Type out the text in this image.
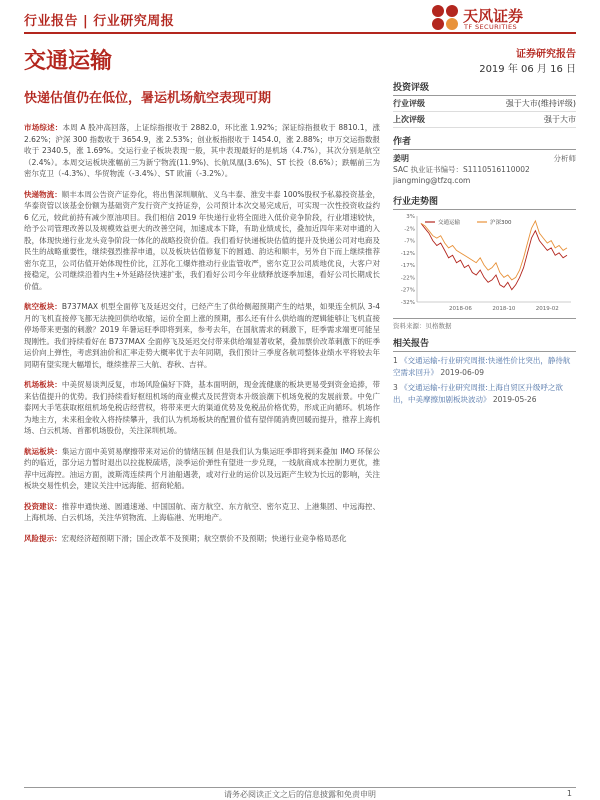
行业报告 | 行业研究周报	天风证券
TF SECURITIES
交通运输	证券研究报告
2019 年 06 月 16 日
快递估值仍在低位，暑运机场航空表现可期

市场综述：本周 A 股冲高回落，上证综指报收于 2882.0，环比涨 1.92%；深证综指报收于 8810.1，涨 2.62%；沪深 300 指数收于 3654.9，涨 2.53%；创业板指报收于 1454.0，涨 2.88%；申万交运指数报收于 2340.5，涨 1.69%。交运行业子板块表现一般，其中表现最好的是机场（4.7%），其次分别是航空（2.4%）。本周交运板块涨幅前三为新宁物流(11.9%)、长航凤凰(3.6%)、ST 长投（8.6%）；跌幅前三为密尔克卫（-4.3%）、华贸物流（-3.4%）、ST 欧浦（-3.2%）。

快递物流：顺丰本周公告资产证券化，将出售深圳顺航、义乌丰泰、淮安丰泰 100%股权予私募投资基金，华泰资管以该基金份额为基础资产发行资产支持证券，公司预计本次交易完成后，可实现一次性投资收益约 6 亿元，较此前持有减少原油项目。我们相信 2019 年快递行业将全面进入低价竞争阶段，行业增速较快，给予公司管理改善以及规模效益更大的改善空间，加速成本下降，有助业绩成长，叠加近四年来对申通的入股，体现快递行业龙头竞争阶段一体化的战略投资价值。我们看好快递板块估值的提升及快递公司对电商及民生的战略重要性，继续强烈推荐申通，以及板块估值修复下的圆通、韵达和顺丰，另外自下而上继续推荐密尔克卫，公司估值开始体现性价比，江苏化工爆炸推动行业监管收严，密尔克卫公司质地优良，大客户对接稳定，公司继续沿着内生+外延路径快速扩张，我们看好公司今年业绩释放逐季加速，看好公司长期成长价值。

航空板块：B737MAX 机型全面停飞及延迟交付，已经产生了供给侧超预期产生的结果，如果连全机队 3-4 月的飞机直接停飞都无法挽回供给收缩，运价全面上涨的预期，那么还有什么供给端的逻辑能够让飞机直接停场带来更强的刺激？2019 年暑运旺季即将到来，参考去年，在国航需求的刺激下，旺季需求端更可能呈现刚性。我们持续看好在 B737MAX 全面停飞及延迟交付带来供给端显著收紧，叠加票价改革刺激下的旺季运价向上弹性，考虑到油价和汇率走势大概率优于去年同期，我们预计三季度各航司整体业绩水平将较去年同期有望实现大幅增长，继续推荐三大航、春秋、吉祥。

机场板块：中美贸易谈判反复，市场风险偏好下降，基本面明朗，现金流健康的板块更易受到资金追捧，带来估值提升的优势。我们持续看好枢纽机场的商业模式及民营资本升级浪潮下机场免税的发展前景。中免广泰网大手笔获取枢纽机场免税店经营权，将带来更大的渠道优势及免税品价格优势，形成正向循环。机场作为地主方，未来租金收入将持续攀升，我们认为机场板块的配置价值有望伴随消费回暖而提升，推荐上海机场、白云机场、首都机场股份，关注深圳机场。

航运板块：集运方面中美贸易摩擦带来对运价的情绪压制 但是我们认为集运旺季即将到来叠加 IMO 环保公约的临近，部分运力暂时退出以拉拢脱硫塔，淡季运价弹性有望进一步兑现，一线航商成本控制力更优，推荐中远海控。油运方面，波斯湾连续两个月油船遇袭，或对行业的运价以及远距产生较为长远的影响，关注板块交易性机会，建议关注中远海能、招商轮船。

投资建议：推荐申通快递、圆通速递、中国国航、南方航空、东方航空、密尔克卫、上港集团、中远海控、上海机场、白云机场，关注华贸物流、上海临港、光明地产。

风险提示：宏观经济超预期下滑；国企改革不及预期；航空票价不及预期；快递行业竞争格局恶化

投资评级
行业评级	强于大市(维持评级)
上次评级	强于大市
作者
姜明	分析师
SAC 执业证书编号：S1110516110002
jiangming@tfzq.com
行业走势图
3%
-2%
-7%
-12%
-17%
-22%
-27%
-32%
2018-06	2018-10	2019-02
交通运输	沪深300
资料来源：贝格数据
相关报告
1 《交通运输-行业研究周报:快递性价比突出，静待航空需求回升》 2019-06-09
3 《交通运输-行业研究周报:上海自贸区升级呼之欲出，中美摩擦加剧板块波动》 2019-05-26
请务必阅读正文之后的信息披露和免责申明	1
